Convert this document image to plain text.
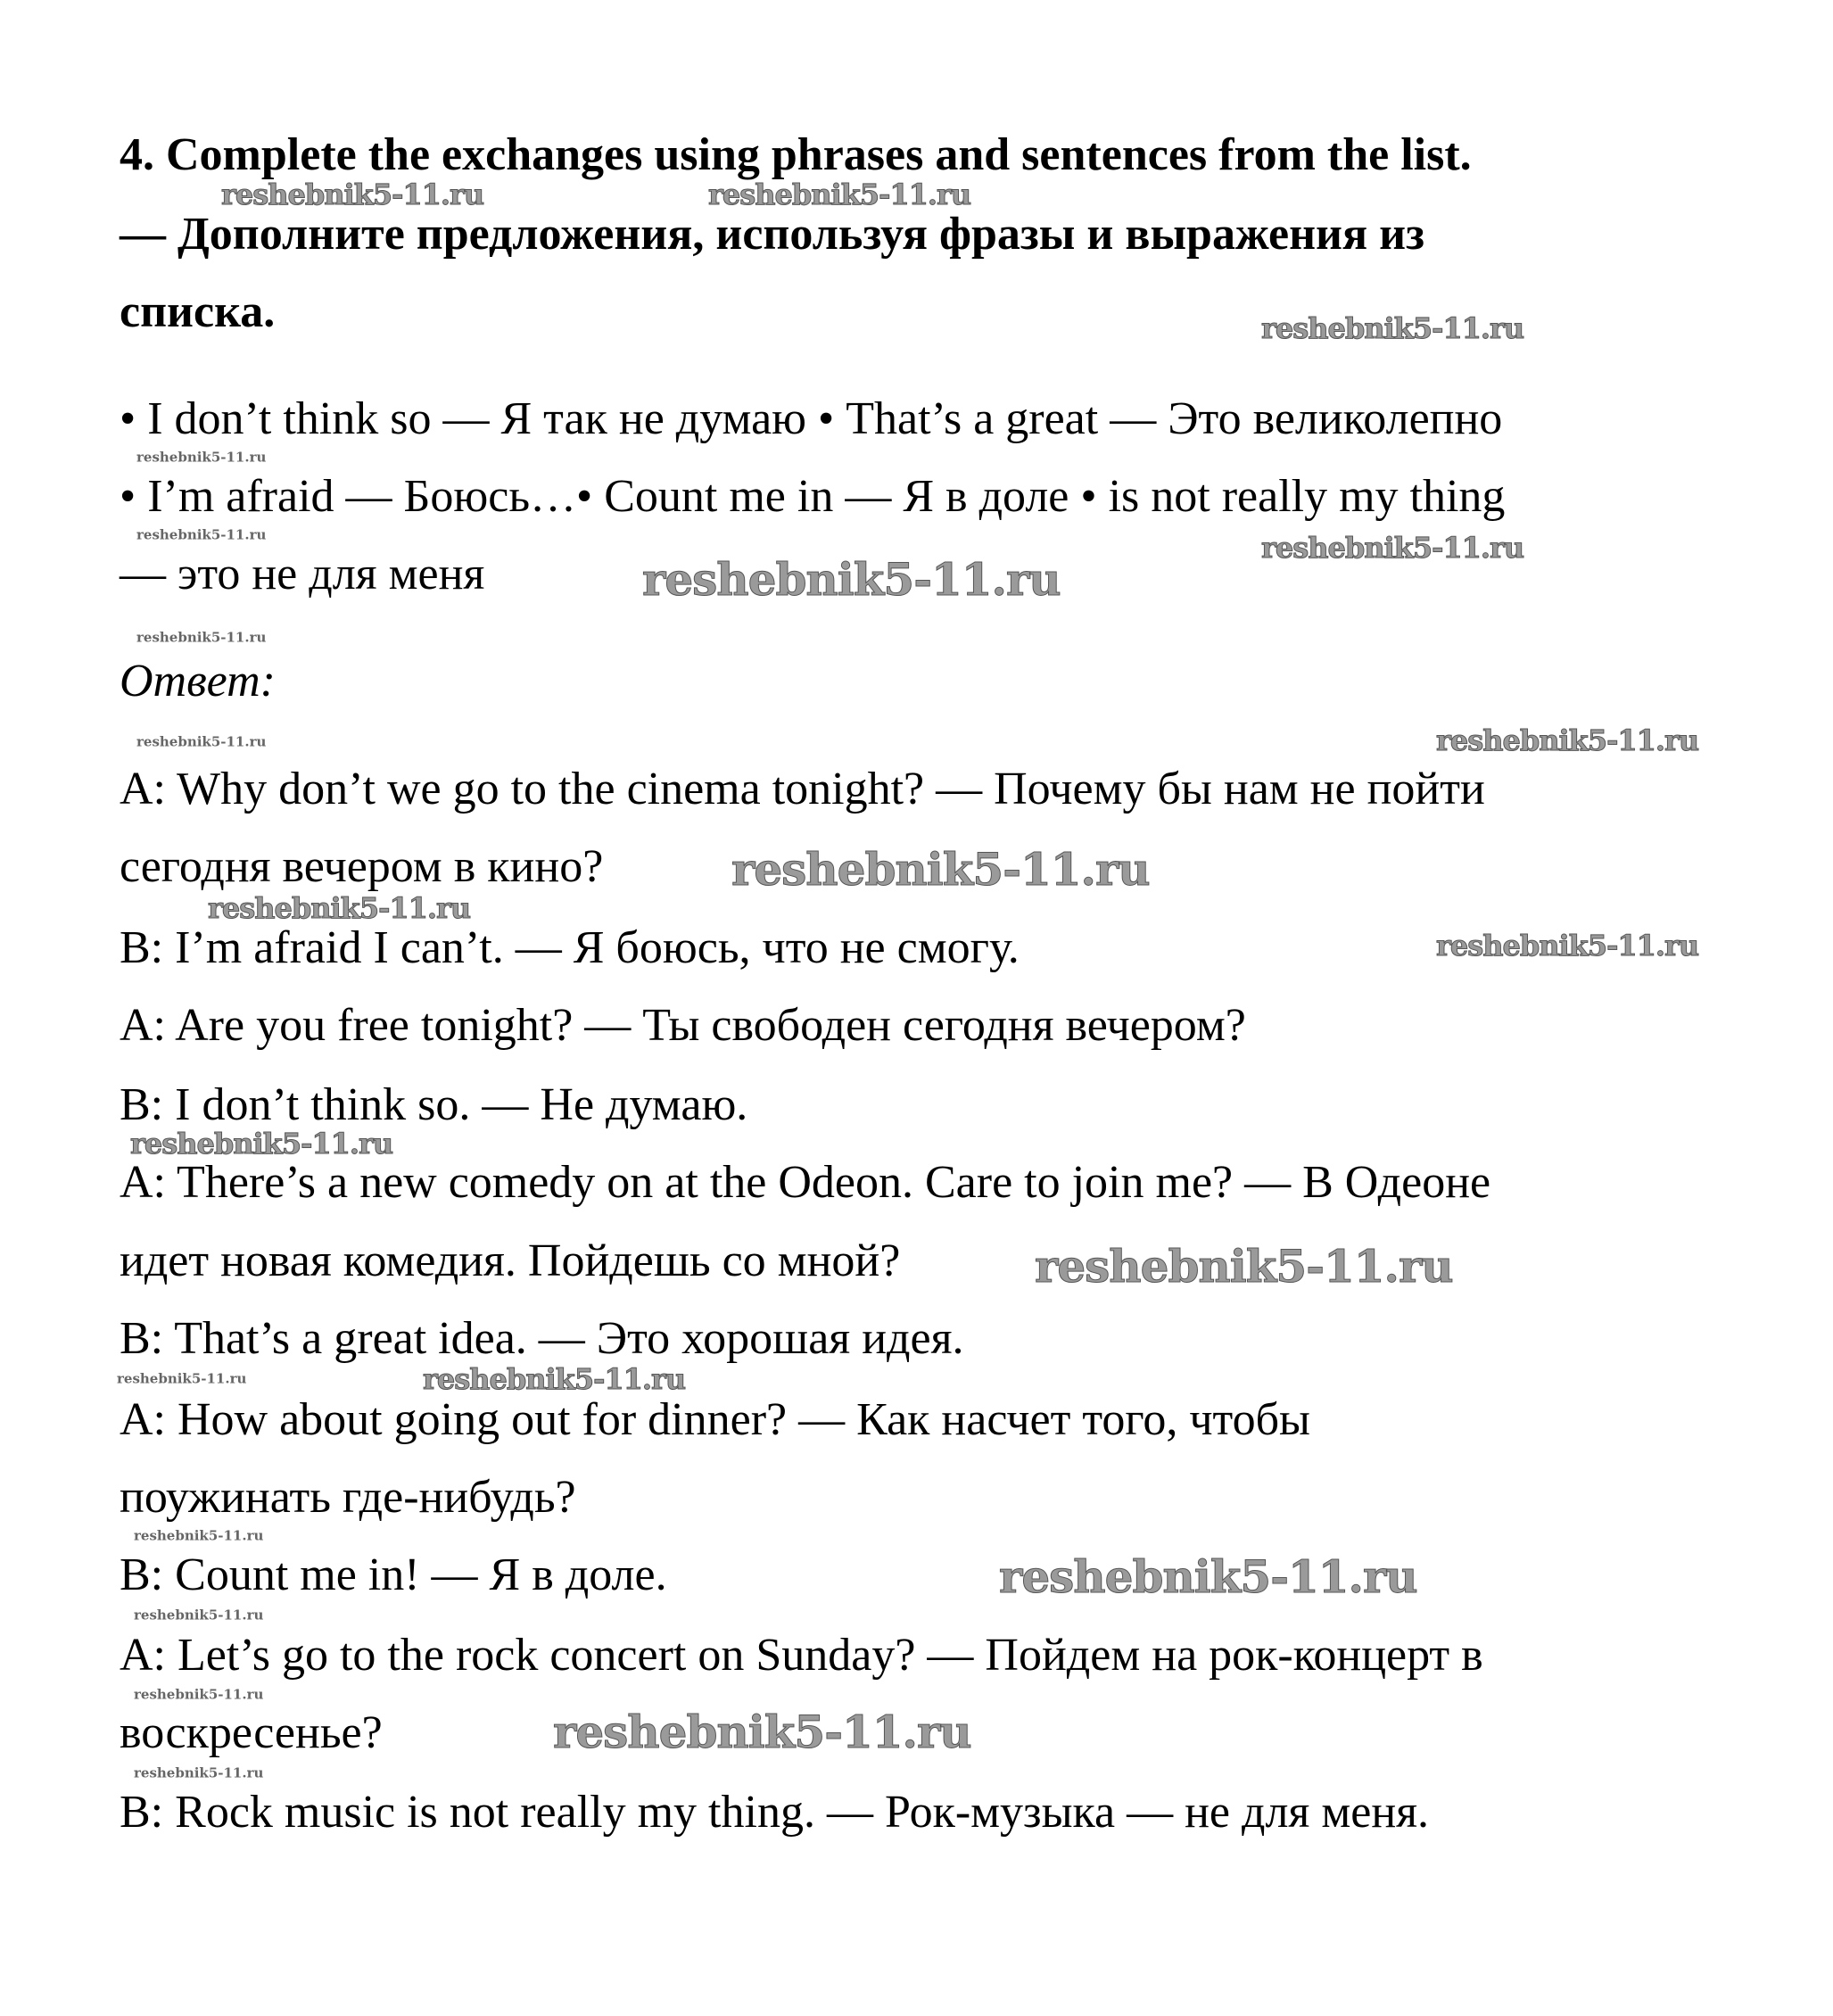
4. Complete the exchanges using phrases and sentences from the list.
— Дополните предложения, используя фразы и выражения из
списка.
• I don’t think so — Я так не думаю • That’s a great — Это великолепно
• I’m afraid — Боюсь…• Count me in — Я в доле • is not really my thing
— это не для меня
Ответ:
A: Why don’t we go to the cinema tonight? — Почему бы нам не пойти
сегодня вечером в кино?
B: I’m afraid I can’t. — Я боюсь, что не смогу.
A: Are you free tonight? — Ты свободен сегодня вечером?
B: I don’t think so. — Не думаю.
A: There’s a new comedy on at the Odeon. Care to join me? — В Одеоне
идет новая комедия. Пойдешь со мной?
B: That’s a great idea. — Это хорошая идея.
A: How about going out for dinner? — Как насчет того, чтобы
поужинать где-нибудь?
B: Count me in! — Я в доле.
A: Let’s go to the rock concert on Sunday? — Пойдем на рок-концерт в
воскресенье?
B: Rock music is not really my thing. — Рок-музыка — не для меня.
reshebnik5-11.ru	reshebnik5-11.ru
reshebnik5-11.ru
reshebnik5-11.ru
reshebnik5-11.ru	reshebnik5-11.ru
reshebnik5-11.ru
reshebnik5-11.ru
reshebnik5-11.ru	reshebnik5-11.ru
reshebnik5-11.ru
reshebnik5-11.ru
reshebnik5-11.ru
reshebnik5-11.ru
reshebnik5-11.ru
reshebnik5-11.ru
reshebnik5-11.ru
reshebnik5-11.ru
reshebnik5-11.ru
reshebnik5-11.ru
reshebnik5-11.ru
reshebnik5-11.ru
reshebnik5-11.ru
